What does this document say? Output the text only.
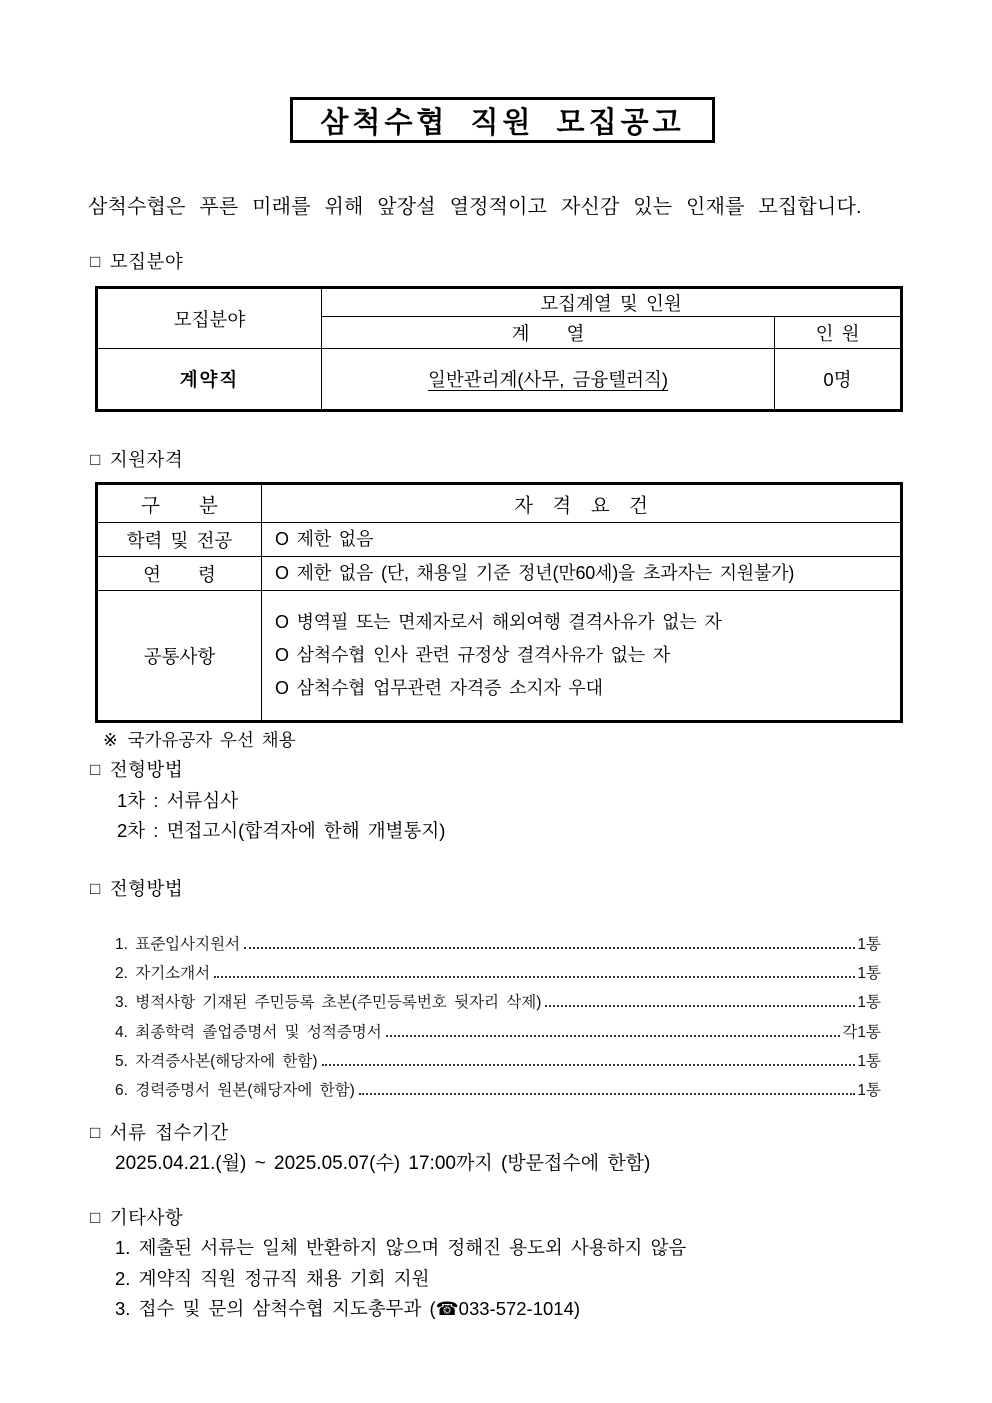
삼척수협 직원 모집공고
삼척수협은 푸른 미래를 위해 앞장설 열정적이고 자신감 있는 인재를 모집합니다.
□ 모집분야
모집분야	모집계열 및 인원	
	계　　열	인 원
계약직	일반관리계(사무, 금융텔러직)	0명
□ 지원자격
구　　분	자　격　요　건
학력 및 전공	O 제한 없음

연　　령	O 제한 없음 (단, 채용일 기준 정년(만60세)을 초과자는 지원불가)

공통사항	O 병역필 또는 면제자로서 해외여행 결격사유가 없는 자
O 삼척수협 인사 관련 규정상 결격사유가 없는 자
O 삼척수협 업무관련 자격증 소지자 우대
※ 국가유공자 우선 채용
□ 전형방법
1차 : 서류심사
2차 : 면접고시(합격자에 한해 개별통지)
□ 전형방법
1. 표준입사지원서	1통
2. 자기소개서	1통
3. 병적사항 기재된 주민등록 초본(주민등록번호 뒷자리 삭제)	1통
4. 최종학력 졸업증명서 및 성적증명서	각1통
5. 자격증사본(해당자에 한함)	1통
6. 경력증명서 원본(해당자에 한함)	1통
□ 서류 접수기간
2025.04.21.(월) ~ 2025.05.07(수) 17:00까지 (방문접수에 한함)
□ 기타사항
1. 제출된 서류는 일체 반환하지 않으며 정해진 용도외 사용하지 않음
2. 계약직 직원 정규직 채용 기회 지원
3. 접수 및 문의 삼척수협 지도총무과 (☎033-572-1014)
